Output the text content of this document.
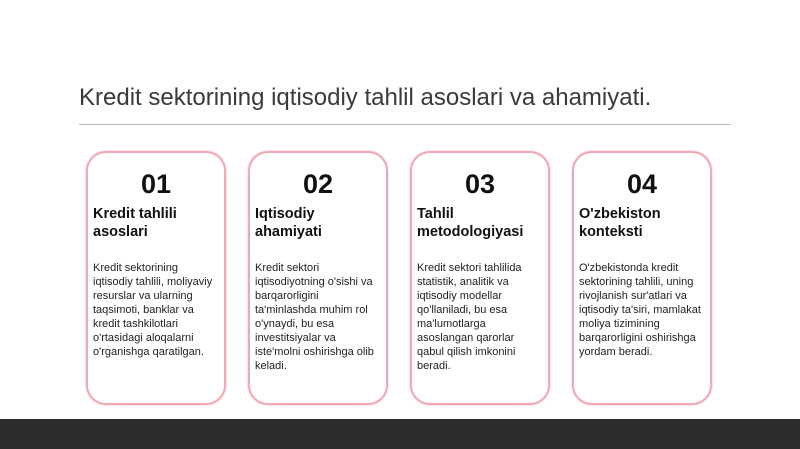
Kredit sektorining iqtisodiy tahlil asoslari va ahamiyati.
01
Kredit tahlili asoslari
Kredit sektorining iqtisodiy tahlili, moliyaviy resurslar va ularning taqsimoti, banklar va kredit tashkilotlari o'rtasidagi aloqalarni o'rganishga qaratilgan.
02
Iqtisodiy ahamiyati
Kredit sektori iqtisodiyotning o'sishi va barqarorligini ta'minlashda muhim rol o'ynaydi, bu esa investitsiyalar va iste'molni oshirishga olib keladi.
03
Tahlil metodologiyasi
Kredit sektori tahlilida statistik, analitik va iqtisodiy modellar qo'llaniladi, bu esa ma'lumotlarga asoslangan qarorlar qabul qilish imkonini beradi.
04
O'zbekiston konteksti
O'zbekistonda kredit sektorining tahlili, uning rivojlanish sur'atlari va iqtisodiy ta'siri, mamlakat moliya tizimining barqarorligini oshirishga yordam beradi.
